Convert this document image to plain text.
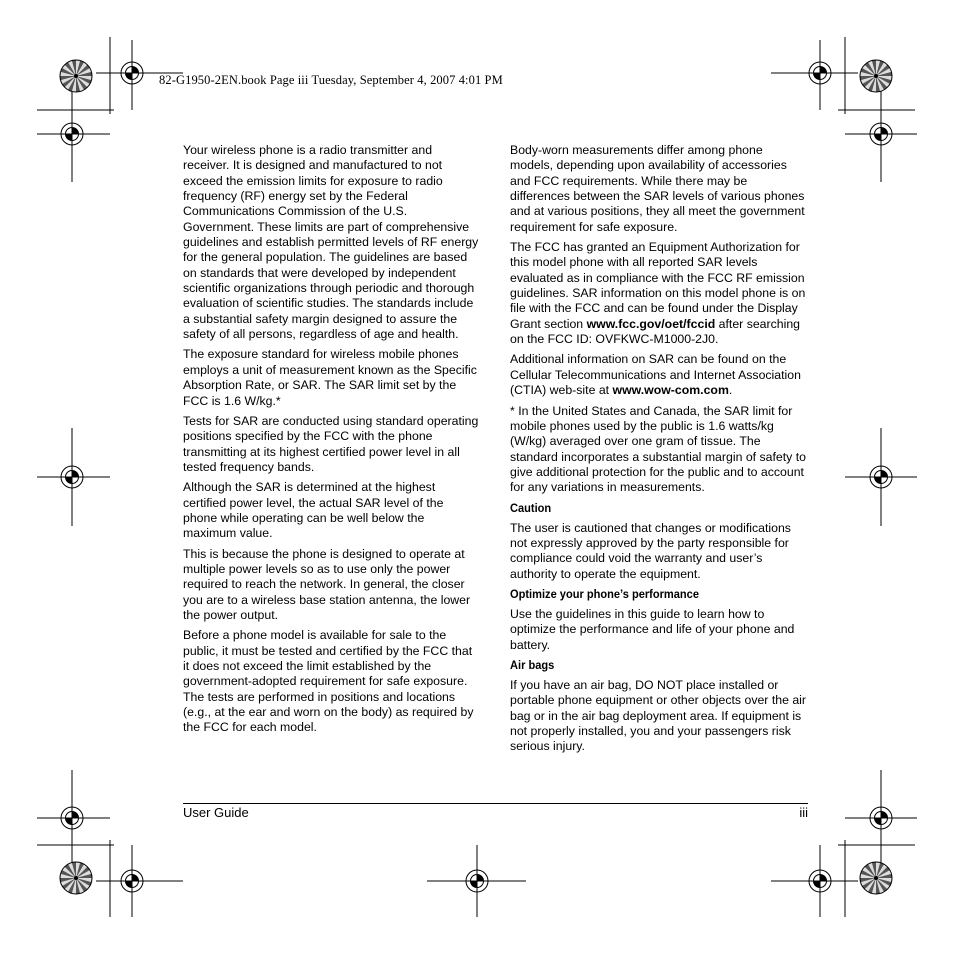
82-G1950-2EN.book Page iii Tuesday, September 4, 2007 4:01 PM

Your wireless phone is a radio transmitter and receiver. It is designed and manufactured to not exceed the emission limits for exposure to radio frequency (RF) energy set by the Federal Communications Commission of the U.S. Government. These limits are part of comprehensive guidelines and establish permitted levels of RF energy for the general population. The guidelines are based on standards that were developed by independent scientific organizations through periodic and thorough evaluation of scientific studies. The standards include a substantial safety margin designed to assure the safety of all persons, regardless of age and health.

The exposure standard for wireless mobile phones employs a unit of measurement known as the Specific Absorption Rate, or SAR. The SAR limit set by the FCC is 1.6 W/kg.*

Tests for SAR are conducted using standard operating positions specified by the FCC with the phone transmitting at its highest certified power level in all tested frequency bands.

Although the SAR is determined at the highest certified power level, the actual SAR level of the phone while operating can be well below the maximum value.

This is because the phone is designed to operate at multiple power levels so as to use only the power required to reach the network. In general, the closer you are to a wireless base station antenna, the lower the power output.

Before a phone model is available for sale to the public, it must be tested and certified by the FCC that it does not exceed the limit established by the government-adopted requirement for safe exposure. The tests are performed in positions and locations (e.g., at the ear and worn on the body) as required by the FCC for each model.

Body-worn measurements differ among phone models, depending upon availability of accessories and FCC requirements. While there may be differences between the SAR levels of various phones and at various positions, they all meet the government requirement for safe exposure.

The FCC has granted an Equipment Authorization for this model phone with all reported SAR levels evaluated as in compliance with the FCC RF emission guidelines. SAR information on this model phone is on file with the FCC and can be found under the Display Grant section www.fcc.gov/oet/fccid after searching on the FCC ID: OVFKWC-M1000-2J0.

Additional information on SAR can be found on the Cellular Telecommunications and Internet Association (CTIA) web-site at www.wow-com.com.

* In the United States and Canada, the SAR limit for mobile phones used by the public is 1.6 watts/kg (W/kg) averaged over one gram of tissue. The standard incorporates a substantial margin of safety to give additional protection for the public and to account for any variations in measurements.

Caution

The user is cautioned that changes or modifications not expressly approved by the party responsible for compliance could void the warranty and user’s authority to operate the equipment.

Optimize your phone’s performance

Use the guidelines in this guide to learn how to optimize the performance and life of your phone and battery.

Air bags

If you have an air bag, DO NOT place installed or portable phone equipment or other objects over the air bag or in the air bag deployment area. If equipment is not properly installed, you and your passengers risk serious injury.

User Guide	iii
